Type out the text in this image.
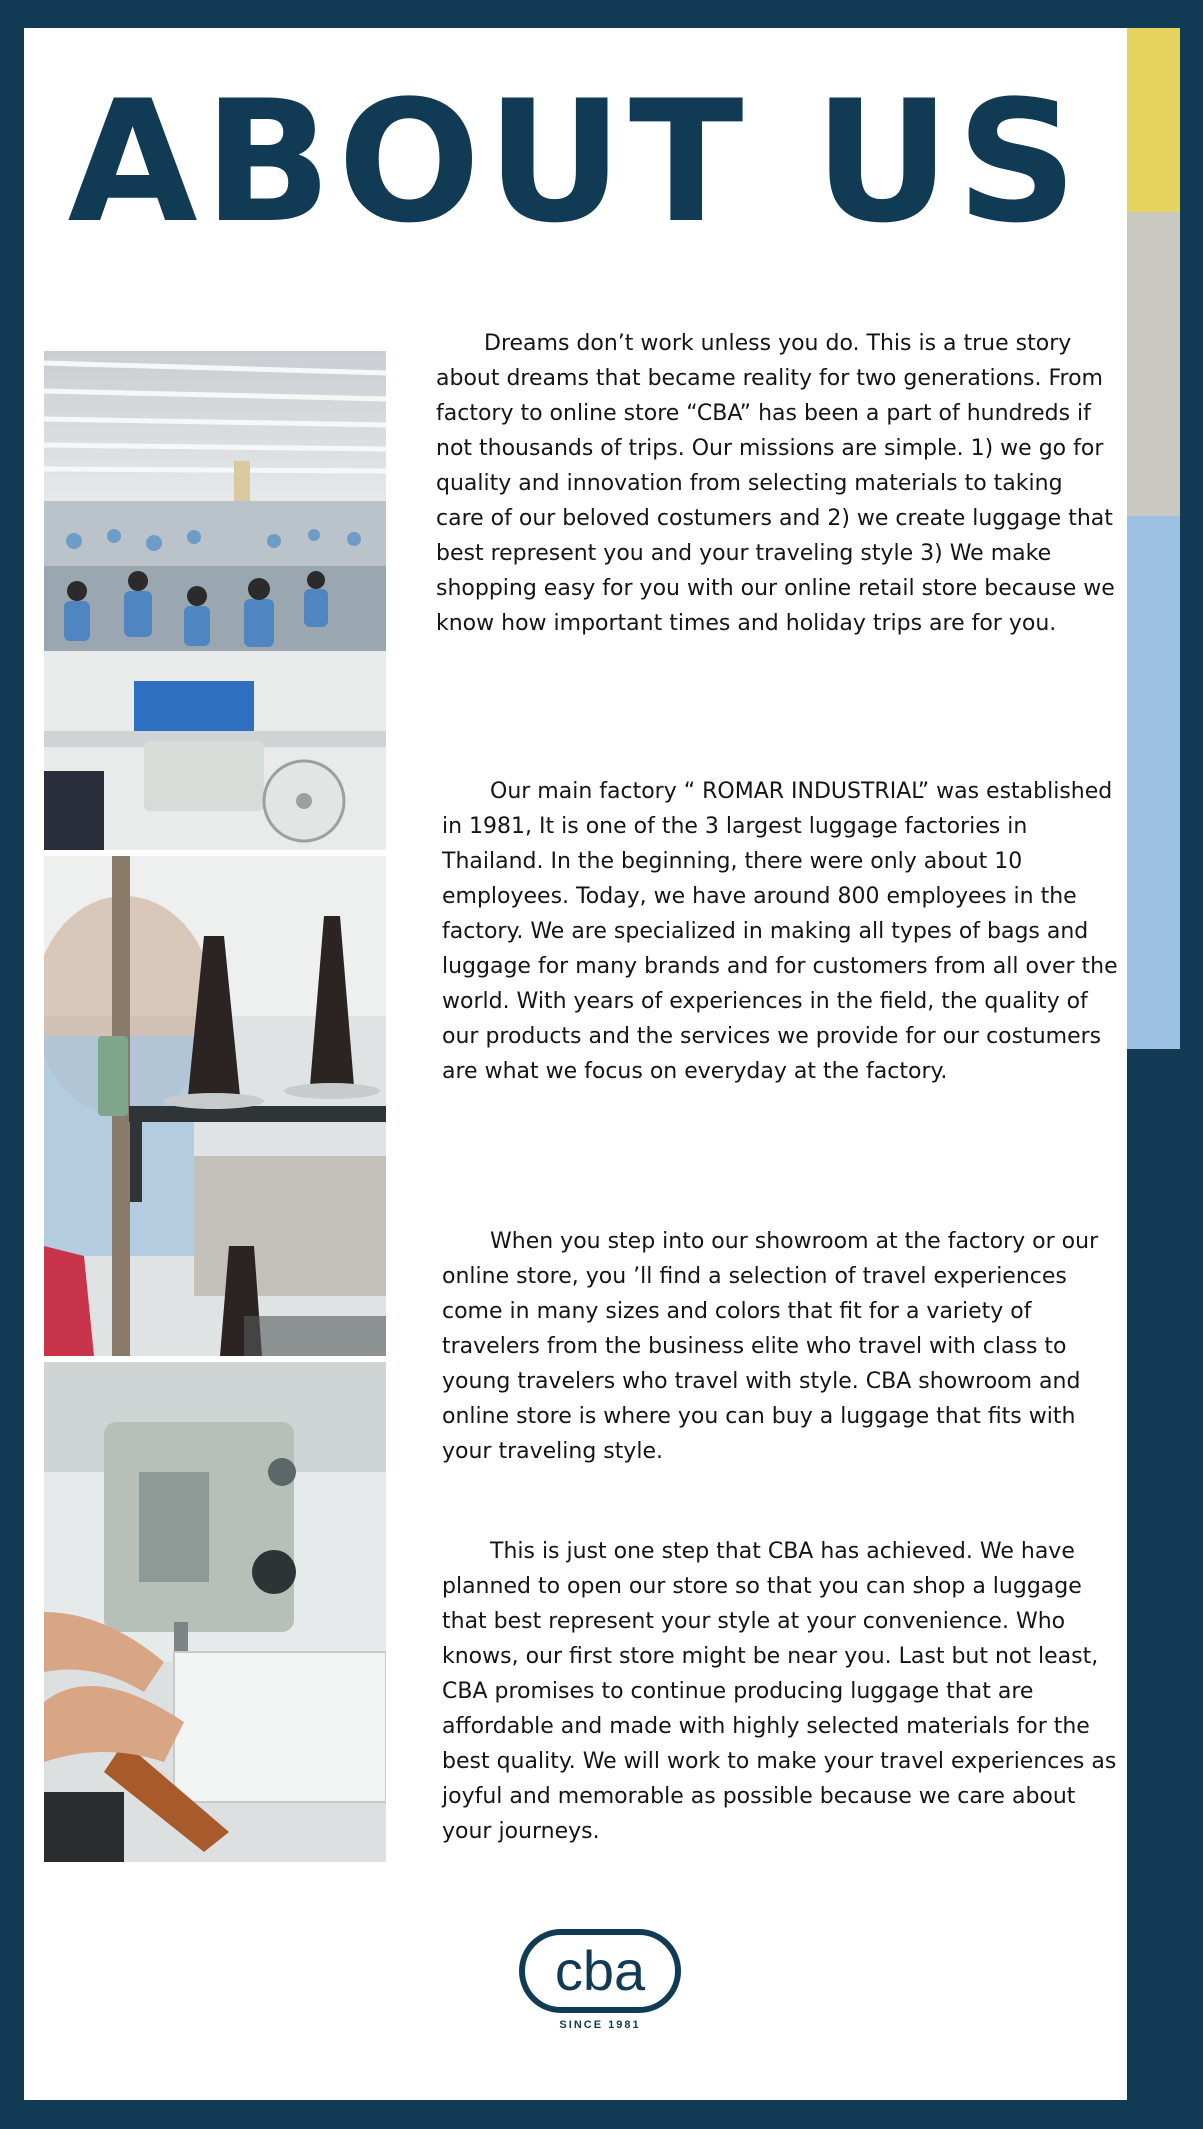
ABOUT US

Dreams don’t work unless you do. This is a true story about dreams that became reality for two generations. From factory to online store “CBA” has been a part of hundreds if not thousands of trips. Our missions are simple. 1) we go for quality and innovation from selecting materials to taking care of our beloved costumers and 2) we create luggage that best represent you and your traveling style 3) We make shopping easy for you with our online retail store because we know how important times and holiday trips are for you.

Our main factory “ ROMAR INDUSTRIAL” was established in 1981, It is one of the 3 largest luggage factories in Thailand. In the beginning, there were only about 10 employees. Today, we have around 800 employees in the factory. We are specialized in making all types of bags and luggage for many brands and for customers from all over the world. With years of experiences in the field, the quality of our products and the services we provide for our costumers are what we focus on everyday at the factory.

When you step into our showroom at the factory or our online store, you ’ll find a selection of travel experiences come in many sizes and colors that fit for a variety of travelers from the business elite who travel with class to young travelers who travel with style. CBA showroom and online store is where you can buy a luggage that fits with your traveling style.

This is just one step that CBA has achieved. We have planned to open our store so that you can shop a luggage that best represent your style at your convenience. Who knows, our first store might be near you. Last but not least, CBA promises to continue producing luggage that are affordable and made with highly selected materials for the best quality. We will work to make your travel experiences as joyful and memorable as possible because we care about your journeys.

cba
SINCE 1981
